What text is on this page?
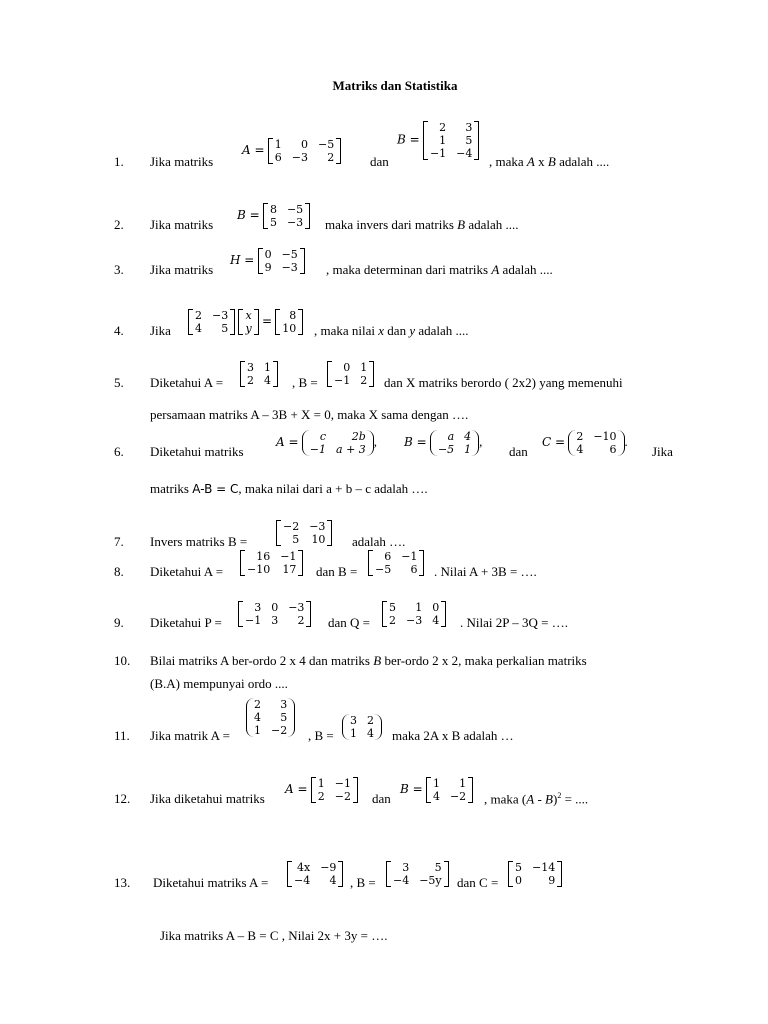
Matriks dan Statistika
1. Jika matriks
A = 1	0	−5
6	−3	2	dan
B =
2	3
1	5
−1	−4
, maka A x B adalah ....
2. Jika matriks
B = 8	−5
5	−3 maka invers dari matriks B adalah ....
3. Jika matriks
H = 0	−5
9	−3 , maka determinan dari matriks A adalah ....
4. Jika
2	−3
4	5

x
y
= 8
10 , maka nilai x dan y adalah ....
5. Diketahui A =
3	1
2	4 , B =
0	1
−1	2 dan X matriks berordo ( 2x2) yang memenuhi
persamaan matriks A – 3B + X = 0, maka X sama dengan ….
6. Diketahui matriks
A = c	2b
−1	a + 3
, B = a	4
−5	1
,
dan
C = 2	−10
4	6
.
Jika
matriks A-B = C, maka nilai dari a + b – c adalah ….
7. Invers matriks B =
−2	−3
5	10 adalah ….
8. Diketahui A =
16	−1
−10	17 dan B =
6	−1
−5	6 . Nilai A + 3B = ….
9. Diketahui P =
3	0	−3
−1	3	2 dan Q =
5	1	0
2	−3	4 . Nilai 2P – 3Q = ….
10. Bilai matriks A ber-ordo 2 x 4 dan matriks B ber-ordo 2 x 2, maka perkalian matriks
(B.A) mempunyai ordo ....
11. Jika matrik A =
2	3
4	5
1	−2 , B =
3	2
1	4 maka 2A x B adalah …
12. Jika diketahui matriks
A = 1	−1
2	−2 dan
B = 1	1
4	−2 , maka (A - B)$^2$ = ....
13. Diketahui matriks A =
4x	−9
−4	4 , B =
3	5
−4	−5y dan C =
5	−14
0	9
Jika matriks A – B = C , Nilai 2x + 3y = ….
